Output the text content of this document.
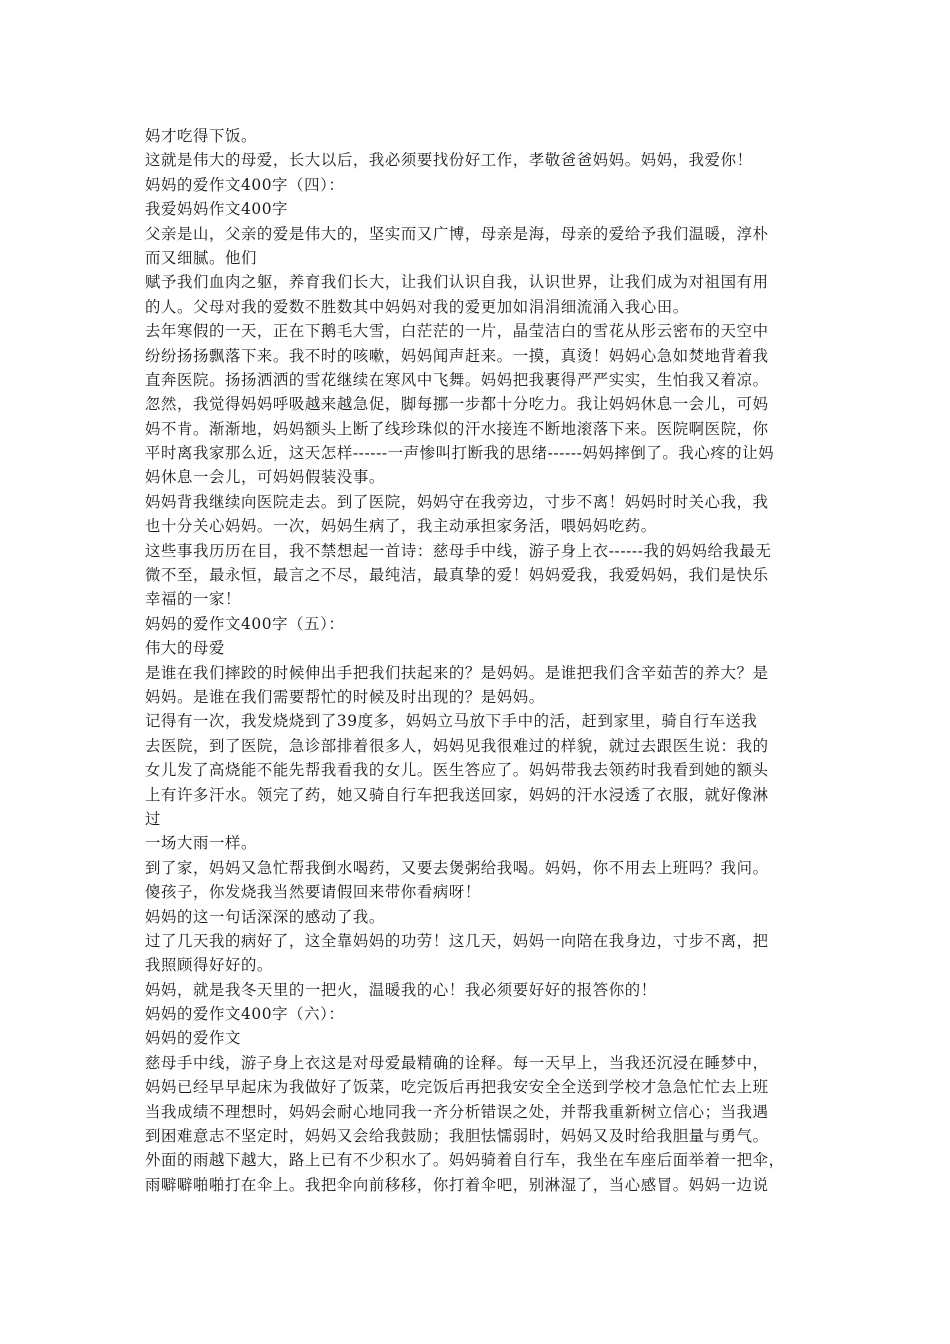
妈才吃得下饭。
这就是伟大的母爱，长大以后，我必须要找份好工作，孝敬爸爸妈妈。妈妈，我爱你！
妈妈的爱作文400字（四）：
我爱妈妈作文400字
父亲是山，父亲的爱是伟大的，坚实而又广博，母亲是海，母亲的爱给予我们温暖，淳朴
而又细腻。他们
赋予我们血肉之躯，养育我们长大，让我们认识自我，认识世界，让我们成为对祖国有用
的人。父母对我的爱数不胜数其中妈妈对我的爱更加如涓涓细流涌入我心田。
去年寒假的一天，正在下鹅毛大雪，白茫茫的一片，晶莹洁白的雪花从彤云密布的天空中
纷纷扬扬飘落下来。我不时的咳嗽，妈妈闻声赶来。一摸，真烫！妈妈心急如焚地背着我
直奔医院。扬扬洒洒的雪花继续在寒风中飞舞。妈妈把我裹得严严实实，生怕我又着凉。
忽然，我觉得妈妈呼吸越来越急促，脚每挪一步都十分吃力。我让妈妈休息一会儿，可妈
妈不肯。渐渐地，妈妈额头上断了线珍珠似的汗水接连不断地滚落下来。医院啊医院，你
平时离我家那么近，这天怎样------一声惨叫打断我的思绪------妈妈摔倒了。我心疼的让妈
妈休息一会儿，可妈妈假装没事。
妈妈背我继续向医院走去。到了医院，妈妈守在我旁边，寸步不离！妈妈时时关心我，我
也十分关心妈妈。一次，妈妈生病了，我主动承担家务活，喂妈妈吃药。
这些事我历历在目，我不禁想起一首诗：慈母手中线，游子身上衣------我的妈妈给我最无
微不至，最永恒，最言之不尽，最纯洁，最真挚的爱！妈妈爱我，我爱妈妈，我们是快乐
幸福的一家！
妈妈的爱作文400字（五）：
伟大的母爱
是谁在我们摔跤的时候伸出手把我们扶起来的？是妈妈。是谁把我们含辛茹苦的养大？是
妈妈。是谁在我们需要帮忙的时候及时出现的？是妈妈。
记得有一次，我发烧烧到了39度多，妈妈立马放下手中的活，赶到家里，骑自行车送我
去医院，到了医院，急诊部排着很多人，妈妈见我很难过的样貌，就过去跟医生说：我的
女儿发了高烧能不能先帮我看我的女儿。医生答应了。妈妈带我去领药时我看到她的额头
上有许多汗水。领完了药，她又骑自行车把我送回家，妈妈的汗水浸透了衣服，就好像淋
过
一场大雨一样。
到了家，妈妈又急忙帮我倒水喝药，又要去煲粥给我喝。妈妈，你不用去上班吗？我问。
傻孩子，你发烧我当然要请假回来带你看病呀！
妈妈的这一句话深深的感动了我。
过了几天我的病好了，这全靠妈妈的功劳！这几天，妈妈一向陪在我身边，寸步不离，把
我照顾得好好的。
妈妈，就是我冬天里的一把火，温暖我的心！我必须要好好的报答你的！
妈妈的爱作文400字（六）：
妈妈的爱作文
慈母手中线，游子身上衣这是对母爱最精确的诠释。每一天早上，当我还沉浸在睡梦中，
妈妈已经早早起床为我做好了饭菜，吃完饭后再把我安安全全送到学校才急急忙忙去上班
当我成绩不理想时，妈妈会耐心地同我一齐分析错误之处，并帮我重新树立信心；当我遇
到困难意志不坚定时，妈妈又会给我鼓励；我胆怯懦弱时，妈妈又及时给我胆量与勇气。
外面的雨越下越大，路上已有不少积水了。妈妈骑着自行车，我坐在车座后面举着一把伞，
雨噼噼啪啪打在伞上。我把伞向前移移，你打着伞吧，别淋湿了，当心感冒。妈妈一边说
